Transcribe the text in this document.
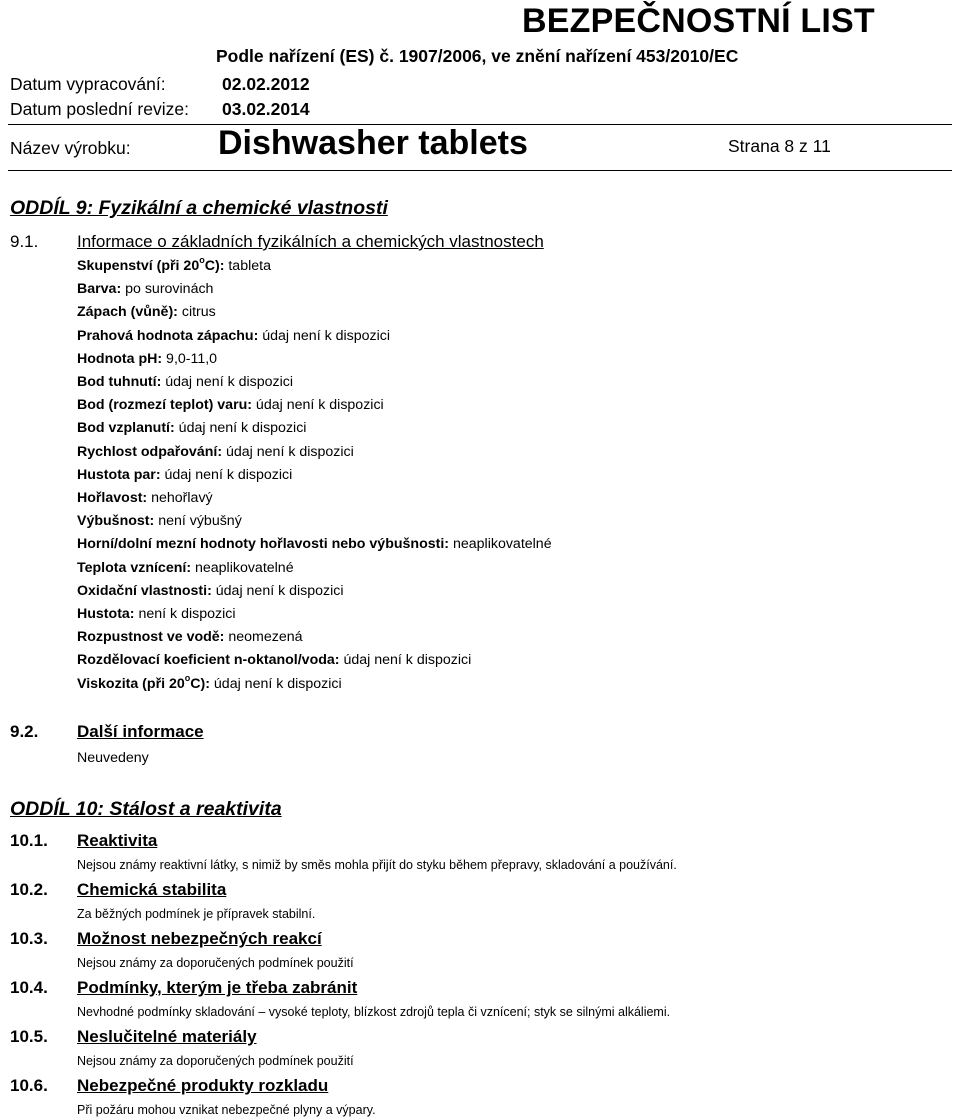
BEZPEČNOSTNÍ LIST
Podle nařízení (ES) č. 1907/2006, ve znění nařízení 453/2010/EC
Datum vypracování:	02.02.2012
Datum poslední revize: 03.02.2014
Název výrobku:	Dishwasher tablets	Strana 8 z 11
ODDÍL 9: Fyzikální a chemické vlastnosti
9.1. Informace o základních fyzikálních a chemických vlastnostech
Skupenství (při 20$^o$C): tableta
Barva: po surovinách
Zápach (vůně): citrus
Prahová hodnota zápachu: údaj není k dispozici
Hodnota pH: 9,0-11,0
Bod tuhnutí: údaj není k dispozici
Bod (rozmezí teplot) varu: údaj není k dispozici
Bod vzplanutí: údaj není k dispozici
Rychlost odpařování: údaj není k dispozici
Hustota par: údaj není k dispozici
Hořlavost: nehořlavý
Výbušnost: není výbušný
Horní/dolní mezní hodnoty hořlavosti nebo výbušnosti: neaplikovatelné
Teplota vznícení: neaplikovatelné
Oxidační vlastnosti: údaj není k dispozici
Hustota: není k dispozici
Rozpustnost ve vodě: neomezená
Rozdělovací koeficient n-oktanol/voda: údaj není k dispozici
Viskozita (při 20$^o$C): údaj není k dispozici
9.2. Další informace
Neuvedeny
ODDÍL 10: Stálost a reaktivita
10.1. Reaktivita
Nejsou známy reaktivní látky, s nimiž by směs mohla přijít do styku během přepravy, skladování a používání.
10.2. Chemická stabilita
Za běžných podmínek je přípravek stabilní.
10.3. Možnost nebezpečných reakcí
Nejsou známy za doporučených podmínek použití
10.4. Podmínky, kterým je třeba zabránit
Nevhodné podmínky skladování – vysoké teploty, blízkost zdrojů tepla či vznícení; styk se silnými alkáliemi.
10.5. Neslučitelné materiály
Nejsou známy za doporučených podmínek použití
10.6. Nebezpečné produkty rozkladu
Při požáru mohou vznikat nebezpečné plyny a výpary.
